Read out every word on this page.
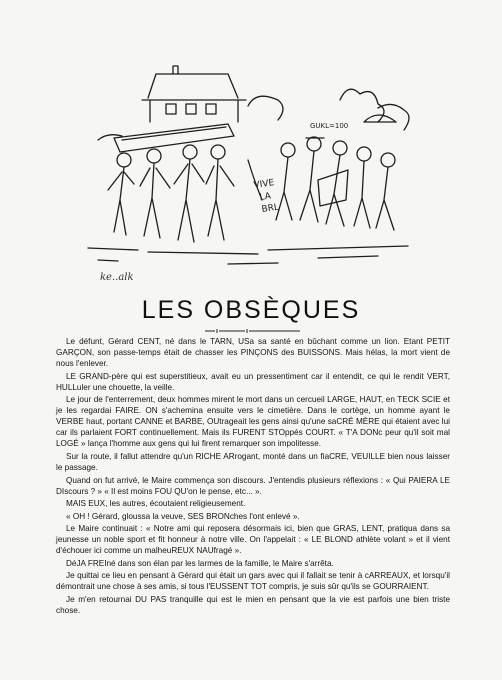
GUKL=100
VIVE
LA
BRL
ke..alk
LES OBSÈQUES

Le défunt, Gérard CENT, né dans le TARN, USa sa santé en bûchant comme un lion. Etant PETIT GARÇON, son passe-temps était de chasser les PINÇONS des BUISSONS. Mais hélas, la mort vient de nous l'enlever.

LE GRAND-père qui est superstitieux, avait eu un pressentiment car il entendit, ce qui le rendit VERT, HULLuler une chouette, la veille.

Le jour de l'enterrement, deux hommes mirent le mort dans un cercueil LARGE, HAUT, en TECK SCIE et je les regardai FAIRE. ON s'achemina ensuite vers le cimetière. Dans le cortège, un homme ayant le VERBE haut, portant CANNE et BARBE, OUtrageait les gens ainsi qu'une saCRÉ MÈRE qui étaient avec lui car ils parlaient FORT continuellement. Mais ils FURENT STOppés COURT. « T'A DONc peur qu'il soit mal LOGÉ » lança l'homme aux gens qui lui firent remarquer son impolitesse.

Sur la route, il fallut attendre qu'un RICHE ARrogant, monté dans un fiaCRE, VEUILLE bien nous laisser le passage.

Quand on fut arrivé, le Maire commença son discours. J'entendis plusieurs réflexions : « Qui PAIERA LE DIscours ? » « Il est moins FOU QU'on le pense, etc... ».

MAIS EUX, les autres, écoutaient religieusement.

« OH ! Gérard, gloussa la veuve, SES BRONches l'ont enlevé ».

Le Maire continuait : « Notre ami qui reposera désormais ici, bien que GRAS, LENT, pratiqua dans sa jeunesse un noble sport et fit honneur à notre ville. On l'appelait : « LE BLOND athlète volant » et il vient d'échouer ici comme un malheuREUX NAUfragé ».

DéJA FREIné dans son élan par les larmes de la famille, le Maire s'arrêta.

Je quittai ce lieu en pensant à Gérard qui était un gars avec qui il fallait se tenir à cARREAUX, et lorsqu'il démontrait une chose à ses amis, si tous l'EUSSENT TOT compris, je suis sûr qu'ils se GOURRAIENT.

Je m'en retournai DU PAS tranquille qui est le mien en pensant que la vie est parfois une bien triste chose.
